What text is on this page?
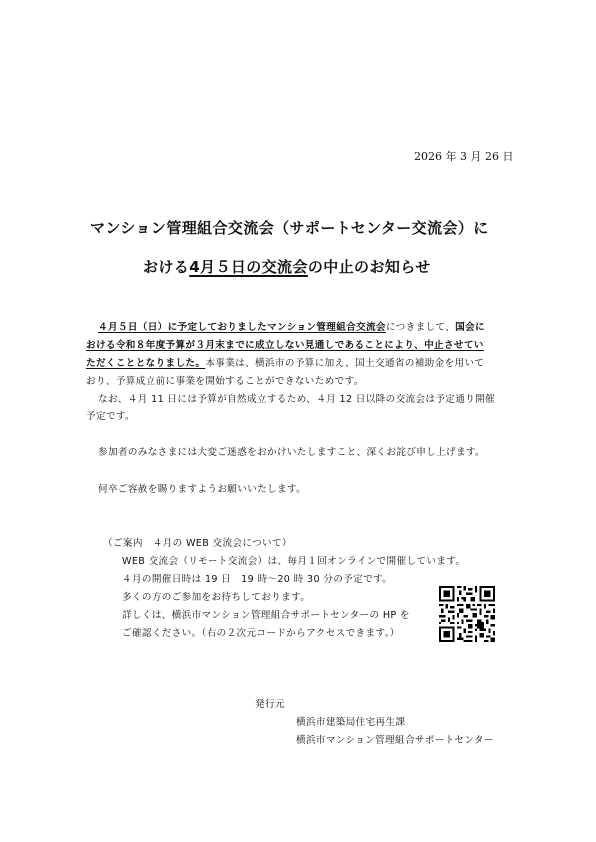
2026 年 3 月 26 日
マンション管理組合交流会（サポートセンター交流会）に
おける4月５日の交流会の中止のお知らせ
４月５日（日）に予定しておりましたマンション管理組合交流会につきまして、国会に
おける令和８年度予算が３月末までに成立しない見通しであることにより、中止させてい
ただくこととなりました。本事業は、横浜市の予算に加え、国土交通省の補助金を用いて
おり、予算成立前に事業を開始することができないためです。
なお、４月 11 日には予算が自然成立するため、４月 12 日以降の交流会は予定通り開催
予定です。
参加者のみなさまには大変ご迷惑をおかけいたしますこと、深くお詫び申し上げます。
何卒ご容赦を賜りますようお願いいたします。
（ご案内　４月の WEB 交流会について）
WEB 交流会（リモート交流会）は、毎月１回オンラインで開催しています。
４月の開催日時は 19 日　19 時～20 時 30 分の予定です。
多くの方のご参加をお待ちしております。
詳しくは、横浜市マンション管理組合サポートセンターの HP を
ご確認ください。（右の２次元コードからアクセスできます。）
発行元
横浜市建築局住宅再生課
横浜市マンション管理組合サポートセンター
